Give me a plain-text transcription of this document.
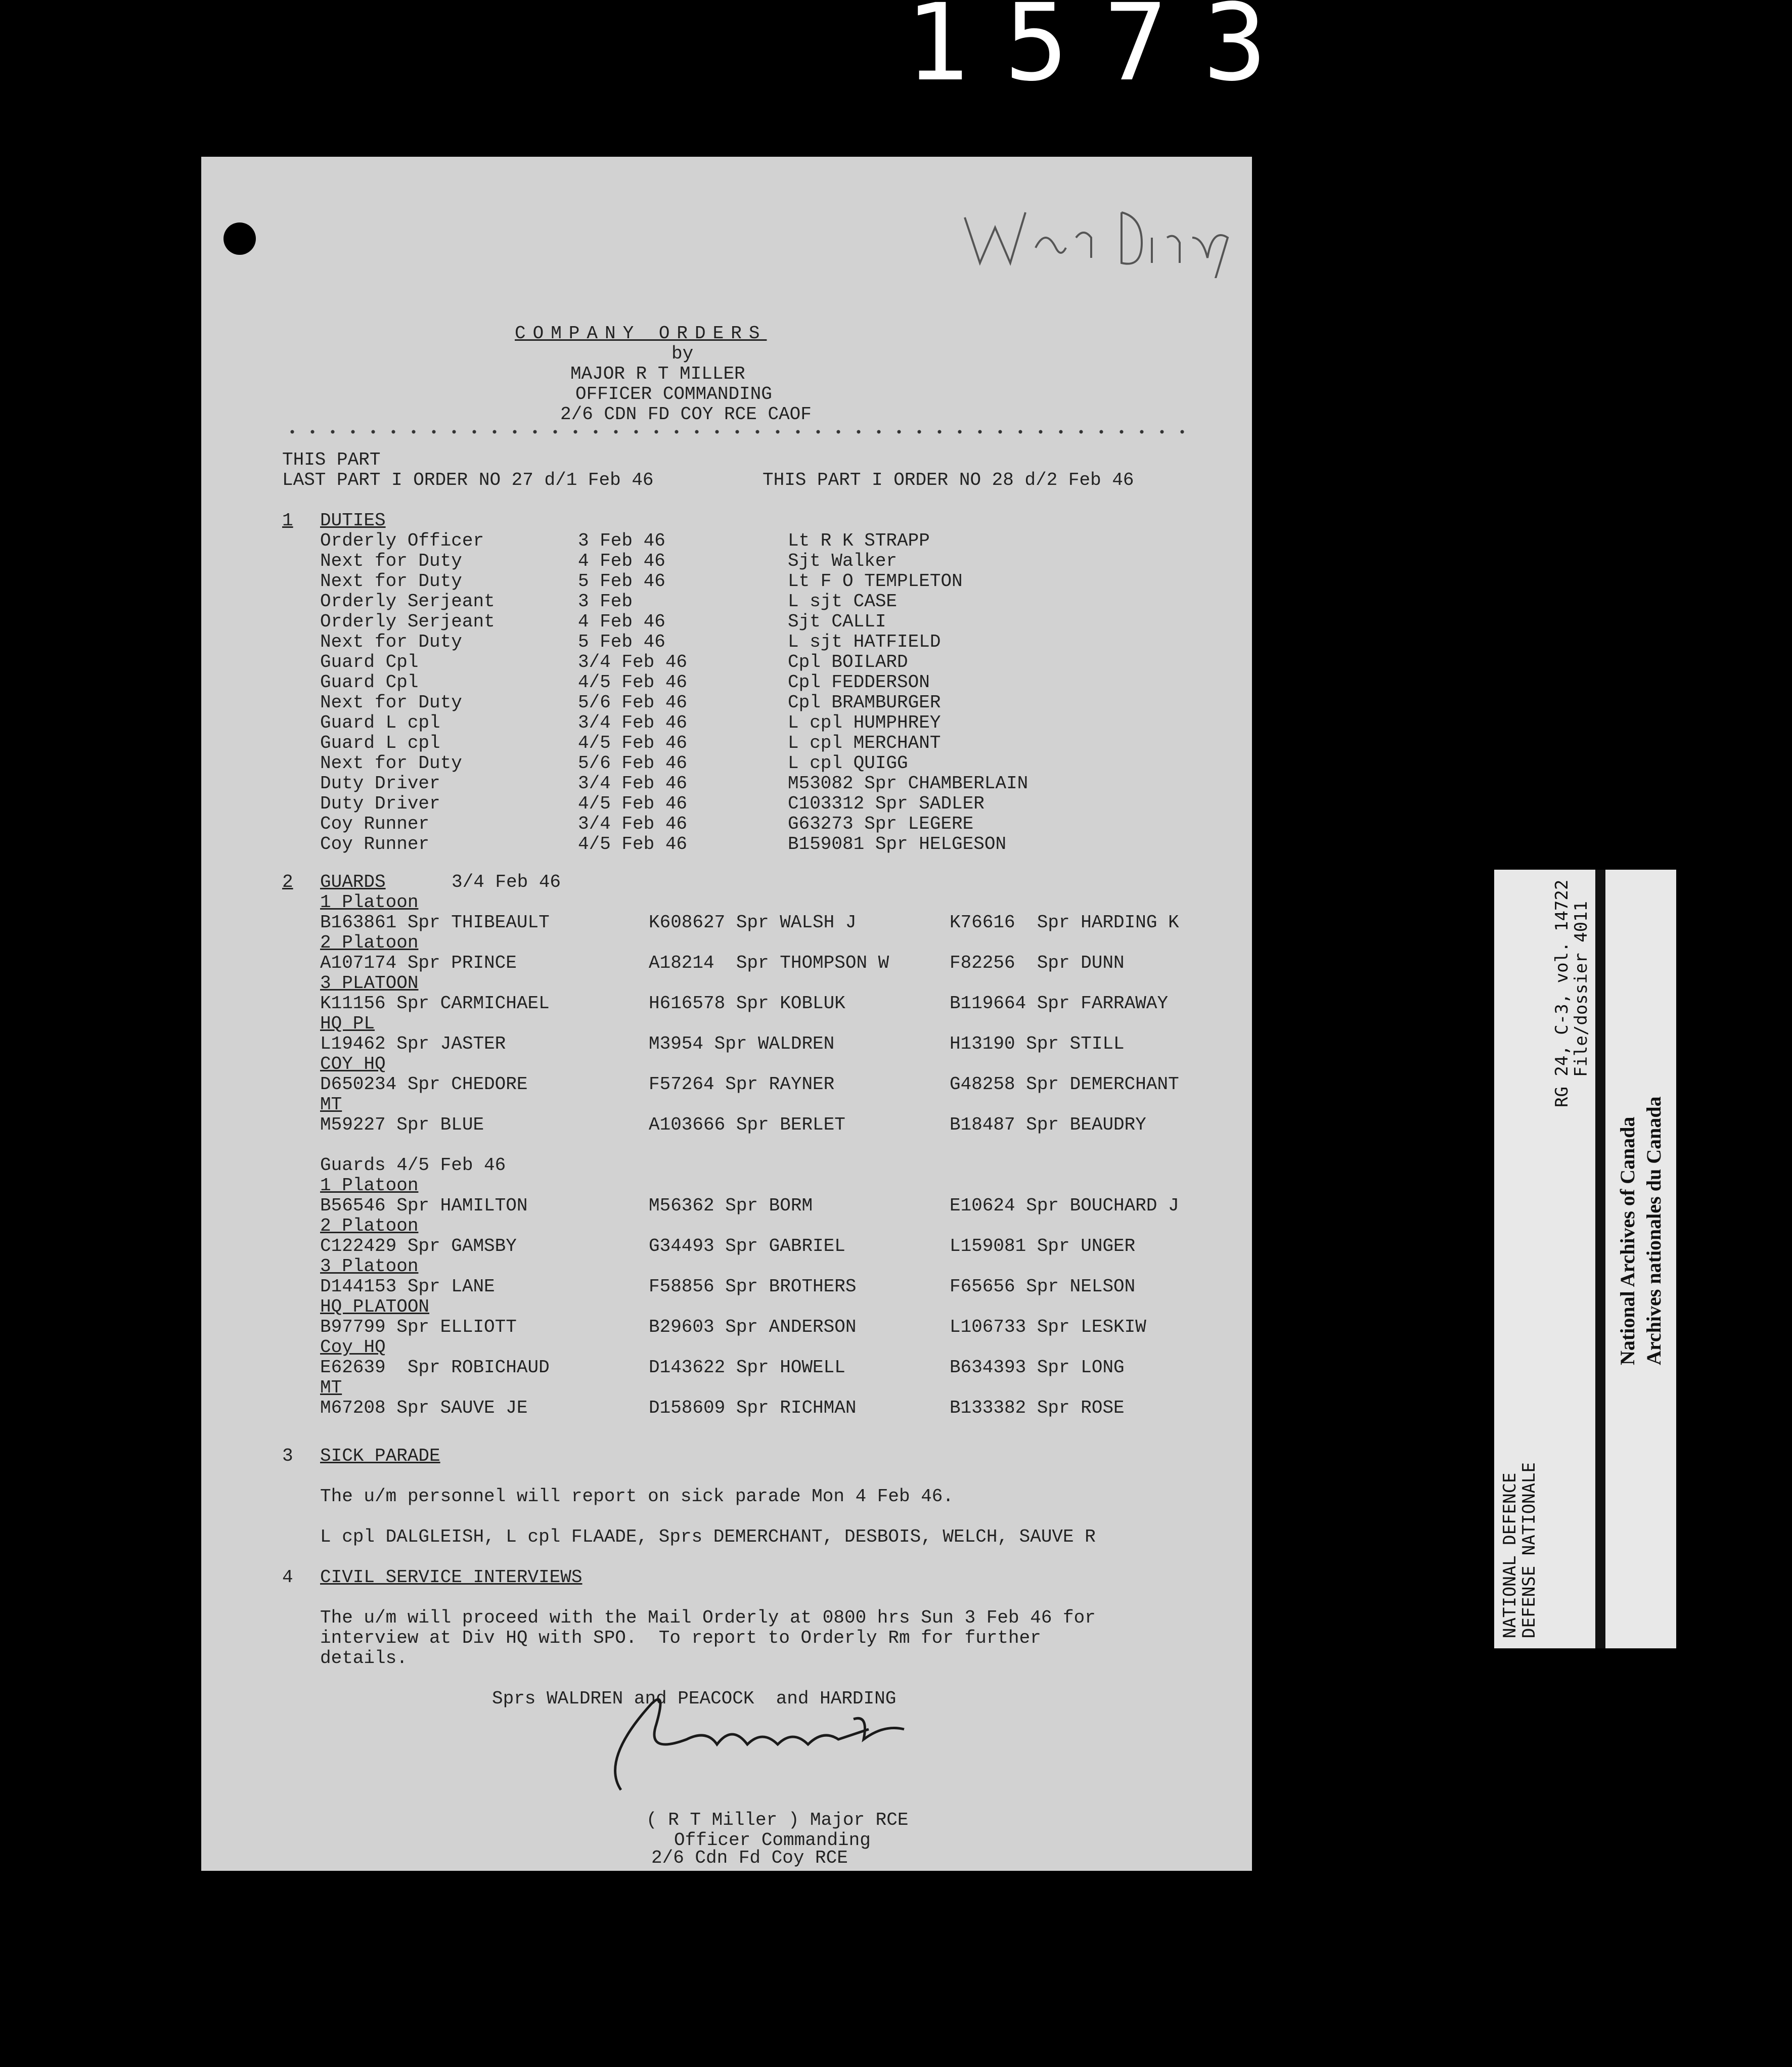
1573
COMPANY ORDERS
by
MAJOR R T MILLER
OFFICER COMMANDING
2/6 CDN FD COY RCE CAOF
THIS PART
LAST PART I ORDER NO 27 d/1 Feb 46	THIS PART I ORDER NO 28 d/2 Feb 46
1 DUTIES
Orderly Officer	3 Feb 46	Lt R K STRAPP
Next for Duty	4 Feb 46	Sjt Walker
Next for Duty	5 Feb 46	Lt F O TEMPLETON
Orderly Serjeant	3 Feb	L sjt CASE
Orderly Serjeant	4 Feb 46	Sjt CALLI
Next for Duty	5 Feb 46	L sjt HATFIELD
Guard Cpl	3/4 Feb 46	Cpl BOILARD
Guard Cpl	4/5 Feb 46	Cpl FEDDERSON
Next for Duty	5/6 Feb 46	Cpl BRAMBURGER
Guard L cpl	3/4 Feb 46	L cpl HUMPHREY
Guard L cpl	4/5 Feb 46	L cpl MERCHANT
Next for Duty	5/6 Feb 46	L cpl QUIGG
Duty Driver	3/4 Feb 46	M53082 Spr CHAMBERLAIN
Duty Driver	4/5 Feb 46	C103312 Spr SADLER
Coy Runner	3/4 Feb 46	G63273 Spr LEGERE
Coy Runner	4/5 Feb 46	B159081 Spr HELGESON
2 GUARDS	3/4 Feb 46
1 Platoon
B163861 Spr THIBEAULT	K608627 Spr WALSH J	K76616  Spr HARDING K
2 Platoon
A107174 Spr PRINCE	A18214  Spr THOMPSON W	F82256  Spr DUNN
3 PLATOON
K11156 Spr CARMICHAEL	H616578 Spr KOBLUK	B119664 Spr FARRAWAY
HQ PL
L19462 Spr JASTER	M3954 Spr WALDREN	H13190 Spr STILL
COY HQ
D650234 Spr CHEDORE	F57264 Spr RAYNER	G48258 Spr DEMERCHANT
MT
M59227 Spr BLUE	A103666 Spr BERLET	B18487 Spr BEAUDRY
Guards 4/5 Feb 46
1 Platoon
B56546 Spr HAMILTON	M56362 Spr BORM	E10624 Spr BOUCHARD J
2 Platoon
C122429 Spr GAMSBY	G34493 Spr GABRIEL	L159081 Spr UNGER
3 Platoon
D144153 Spr LANE	F58856 Spr BROTHERS	F65656 Spr NELSON
HQ PLATOON
B97799 Spr ELLIOTT	B29603 Spr ANDERSON	L106733 Spr LESKIW
Coy HQ
E62639  Spr ROBICHAUD	D143622 Spr HOWELL	B634393 Spr LONG
MT
M67208 Spr SAUVE JE	D158609 Spr RICHMAN	B133382 Spr ROSE
3 SICK PARADE
The u/m personnel will report on sick parade Mon 4 Feb 46.
L cpl DALGLEISH, L cpl FLAADE, Sprs DEMERCHANT, DESBOIS, WELCH, SAUVE R
4 CIVIL SERVICE INTERVIEWS
The u/m will proceed with the Mail Orderly at 0800 hrs Sun 3 Feb 46 for
interview at Div HQ with SPO.  To report to Orderly Rm for further
details.
Sprs WALDREN and PEACOCK  and HARDING
( R T Miller ) Major RCE
Officer Commanding
2/6 Cdn Fd Coy RCE
NATIONAL DEFENCE
DEFENSE NATIONALE
RG 24, C-3, vol. 14722
File/dossier 4011
National Archives of Canada Archives nationales du Canada
